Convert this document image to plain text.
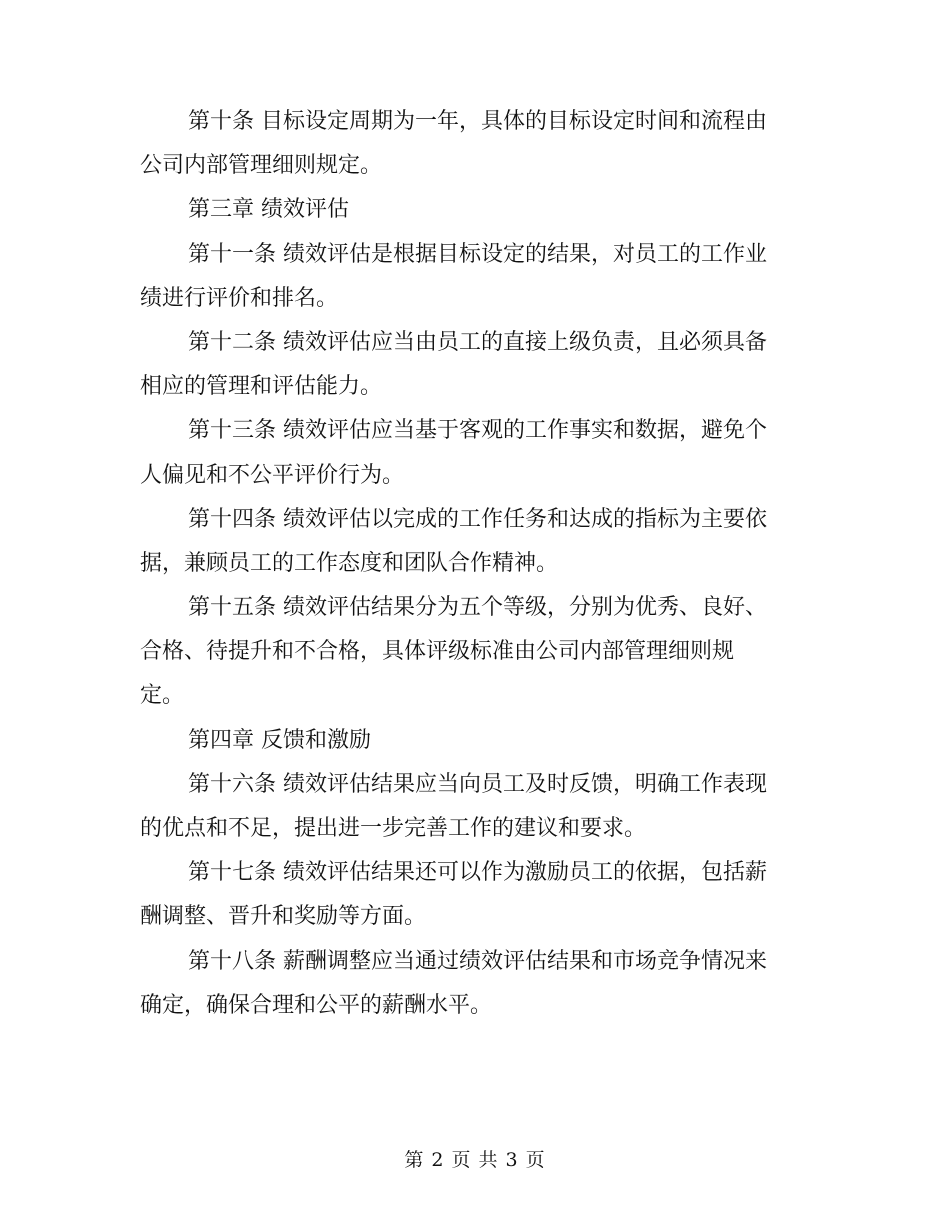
第十条 目标设定周期为一年，具体的目标设定时间和流程由
公司内部管理细则规定。
第三章 绩效评估
第十一条 绩效评估是根据目标设定的结果，对员工的工作业
绩进行评价和排名。
第十二条 绩效评估应当由员工的直接上级负责，且必须具备
相应的管理和评估能力。
第十三条 绩效评估应当基于客观的工作事实和数据，避免个
人偏见和不公平评价行为。
第十四条 绩效评估以完成的工作任务和达成的指标为主要依
据，兼顾员工的工作态度和团队合作精神。
第十五条 绩效评估结果分为五个等级，分别为优秀、良好、
合格、待提升和不合格，具体评级标准由公司内部管理细则规
定。
第四章 反馈和激励
第十六条 绩效评估结果应当向员工及时反馈，明确工作表现
的优点和不足，提出进一步完善工作的建议和要求。
第十七条 绩效评估结果还可以作为激励员工的依据，包括薪
酬调整、晋升和奖励等方面。
第十八条 薪酬调整应当通过绩效评估结果和市场竞争情况来
确定，确保合理和公平的薪酬水平。
第 2 页 共 3 页
